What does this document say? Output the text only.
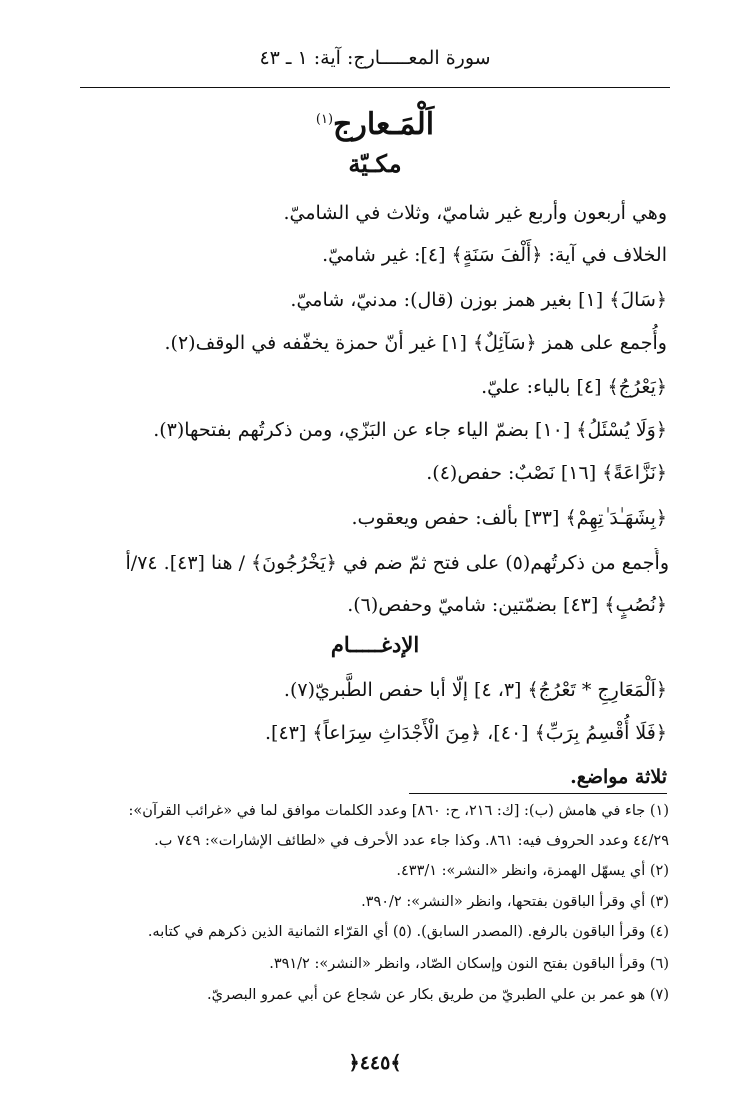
سورة المعـــــارج: آية: ١ ـ ٤٣
اَلْمَـعارج$^{(١)}$
مكـيّة
وهي أربعون وأربع غير شاميّ، وثلاث في الشاميّ.
الخلاف في آية: ﴿أَلْفَ سَنَةٍ﴾ [٤]: غير شاميّ.
﴿سَالَ﴾ [١] بغير همز بوزن (قال): مدنيّ، شاميّ.
وأُجمع على همز ﴿سَآئِلٌ﴾ [١] غير أنّ حمزة يخفّفه في الوقف(٢).
﴿يَعْرُجُ﴾ [٤] بالياء: عليّ.
﴿وَلَا يُسْئَلُ﴾ [١٠] بضمّ الياء جاء عن البَزّي، ومن ذكرتُهم بفتحها(٣).
﴿نَزَّاعَةً﴾ [١٦] نَصْبٌ: حفص(٤).
﴿بِشَهَـٰدَ ٰتِهِمْ﴾ [٣٣] بألف: حفص ويعقوب.
وأُجمع من ذكرتُهم(٥) على فتح ثمّ ضم في ﴿يَخْرُجُونَ﴾ / هنا [٤٣]. ٧٤/أ
﴿نُصُبٍ﴾ [٤٣] بضمّتين: شاميّ وحفص(٦).
الإدغـــــام
﴿اَلْمَعَارِجِ * تَعْرُجُ﴾ [٣، ٤] إلّا أبا حفص الطَّبريّ(٧).
﴿فَلَا أُقْسِمُ بِرَبِّ﴾ [٤٠]، ﴿مِنَ الْأَجْدَاثِ سِرَاعاً﴾ [٤٣].
ثلاثة مواضع.
(١) جاء في هامش (ب): [ك: ٢١٦، ح: ٨٦٠] وعدد الكلمات موافق لما في «غرائب القرآن»:
٤٤/٢٩ وعدد الحروف فيه: ٨٦١. وكذا جاء عدد الأحرف في «لطائف الإشارات»: ٧٤٩ ب.
(٢) أي يسهّل الهمزة، وانظر «النشر»: ٤٣٣/١.
(٣) أي وقرأ الباقون بفتحها، وانظر «النشر»: ٣٩٠/٢.
(٤) وقرأ الباقون بالرفع. (المصدر السابق). (٥) أي القرّاء الثمانية الذين ذكرهم في كتابه.
(٦) وقرأ الباقون بفتح النون وإسكان الصّاد، وانظر «النشر»: ٣٩١/٢.
(٧) هو عمر بن علي الطبريّ من طريق بكار عن شجاع عن أبي عمرو البصريّ.
﴿٤٤٥﴾
